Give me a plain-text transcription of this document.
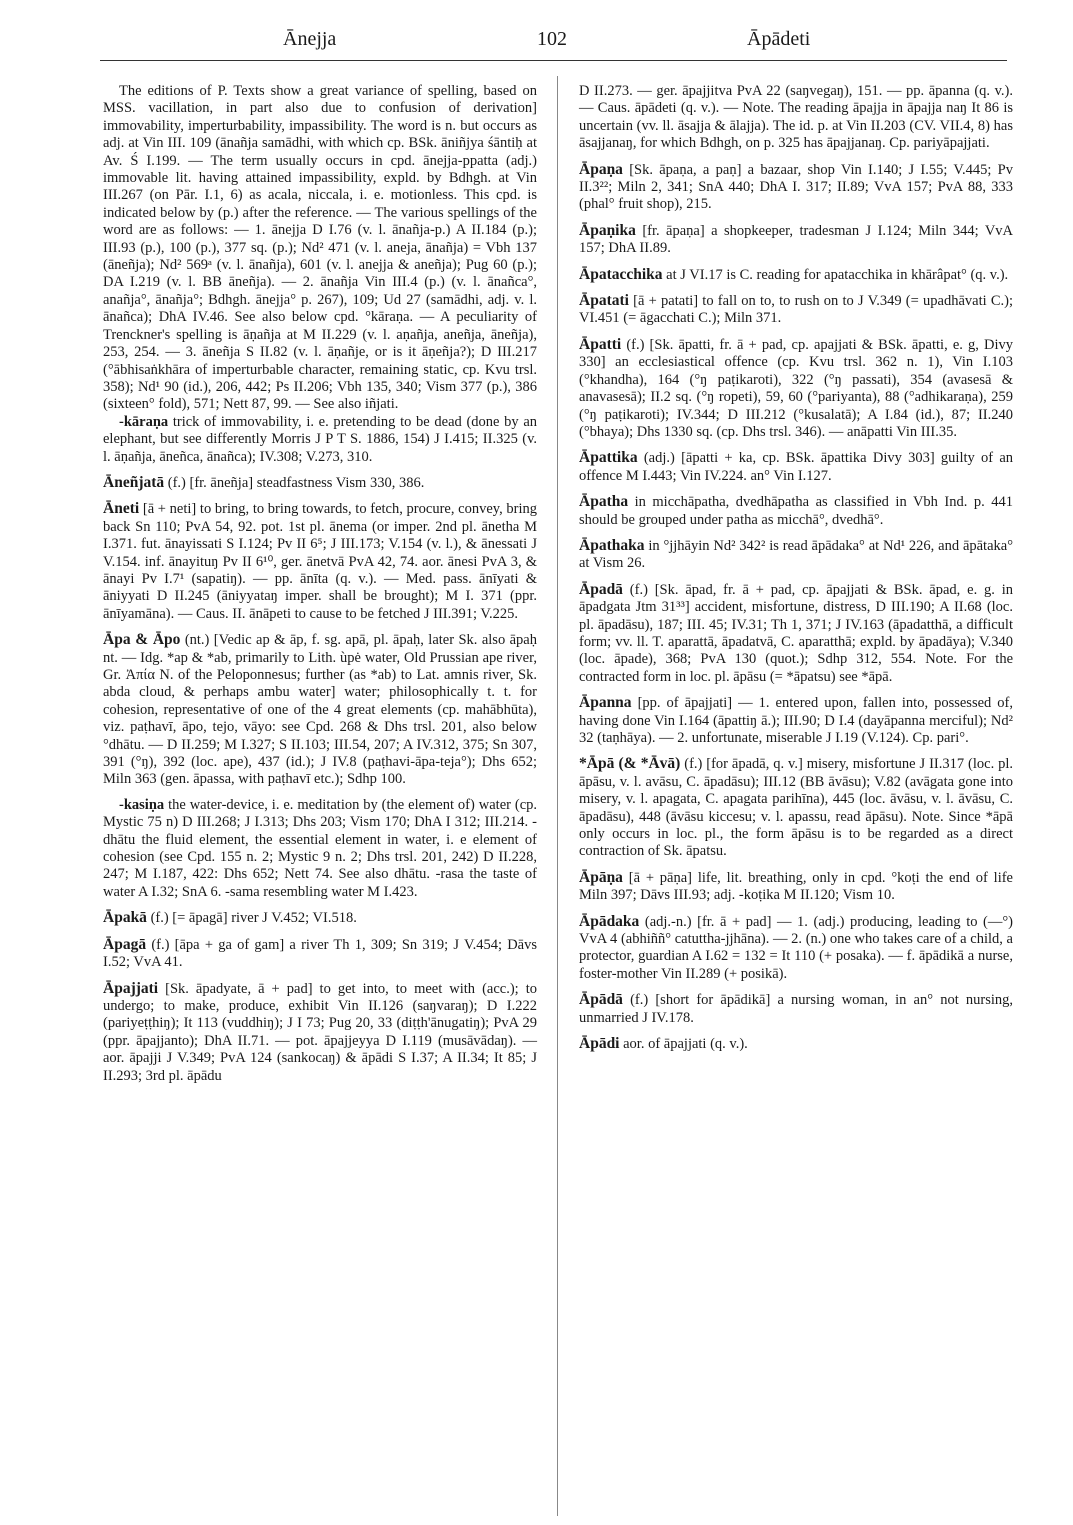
Ānejja	102	Āpādeti

The editions of P. Texts show a great variance of spelling, based on MSS. vacillation, in part also due to confusion of derivation] immovability, imperturbability, impassibility. The word is n. but occurs as adj. at Vin III. 109 (ānañja samādhi, with which cp. BSk. āniñjya śāntiḥ at Av. Ś I.199. — The term usually occurs in cpd. ānejja-ppatta (adj.) immovable lit. having attained impassibility, expld. by Bdhgh. at Vin III.267 (on Pār. I.1, 6) as acala, niccala, i. e. motionless. This cpd. is indicated below by (p.) after the reference. — The various spellings of the word are as follows: — 1. ānejja D I.76 (v. l. ānañja-p.) A II.184 (p.); III.93 (p.), 100 (p.), 377 sq. (p.); Nd² 471 (v. l. aneja, ānañja) = Vbh 137 (āneñja); Nd² 569ᵃ (v. l. ānañja), 601 (v. l. anejja & aneñja); Pug 60 (p.); DA I.219 (v. l. BB āneñja). — 2. ānañja Vin III.4 (p.) (v. l. ānañca°, anañja°, ānañja°; Bdhgh. ānejja° p. 267), 109; Ud 27 (samādhi, adj. v. l. ānañca); DhA IV.46. See also below cpd. °kāraṇa. — A peculiarity of Trenckner's spelling is āṇañja at M II.229 (v. l. aṇañja, aneñja, āneñja), 253, 254. — 3. āneñja S II.82 (v. l. āṇañje, or is it āṇeñja?); D III.217 (°ābhisaṅkhāra of imperturbable character, remaining static, cp. Kvu trsl. 358); Nd¹ 90 (id.), 206, 442; Ps II.206; Vbh 135, 340; Vism 377 (p.), 386 (sixteen° fold), 571; Nett 87, 99. — See also iñjati.

-kāraṇa trick of immovability, i. e. pretending to be dead (done by an elephant, but see differently Morris J P T S. 1886, 154) J I.415; II.325 (v. l. āṇañja, āneñca, ānañca); IV.308; V.273, 310.

Āneñjatā (f.) [fr. āneñja] steadfastness Vism 330, 386.
Āneti [ā + neti] to bring, to bring towards, to fetch, procure, convey, bring back Sn 110; PvA 54, 92. pot. 1st pl. ānema (or imper. 2nd pl. ānetha M I.371. fut. ānayissati S I.124; Pv II 6⁵; J III.173; V.154 (v. l.), & ānessati J V.154. inf. ānayituŋ Pv II 6¹⁰, ger. ānetvā PvA 42, 74. aor. ānesi PvA 3, & ānayi Pv I.7¹ (sapatiŋ). — pp. ānīta (q. v.). — Med. pass. ānīyati & āniyyati D II.245 (āniyyataŋ imper. shall be brought); M I. 371 (ppr. ānīyamāna). — Caus. II. ānāpeti to cause to be fetched J III.391; V.225.
Āpa & Āpo (nt.) [Vedic ap & āp, f. sg. apā, pl. āpaḥ, later Sk. also āpaḥ nt. — Idg. *ap & *ab, primarily to Lith. ùpė water, Old Prussian ape river, Gr. Ἀπία N. of the Peloponnesus; further (as *ab) to Lat. amnis river, Sk. abda cloud, & perhaps ambu water] water; philosophically t. t. for cohesion, representative of one of the 4 great elements (cp. mahābhūta), viz. paṭhavī, āpo, tejo, vāyo: see Cpd. 268 & Dhs trsl. 201, also below °dhātu. — D II.259; M I.327; S II.103; III.54, 207; A IV.312, 375; Sn 307, 391 (°ŋ), 392 (loc. ape), 437 (id.); J IV.8 (paṭhavi-āpa-teja°); Dhs 652; Miln 363 (gen. āpassa, with paṭhavī etc.); Sdhp 100.

-kasiṇa the water-device, i. e. meditation by (the element of) water (cp. Mystic 75 n) D III.268; J I.313; Dhs 203; Vism 170; DhA I 312; III.214. -dhātu the fluid element, the essential element in water, i. e element of cohesion (see Cpd. 155 n. 2; Mystic 9 n. 2; Dhs trsl. 201, 242) D II.228, 247; M I.187, 422: Dhs 652; Nett 74. See also dhātu. -rasa the taste of water A I.32; SnA 6. -sama resembling water M I.423.

Āpakā (f.) [= āpagā] river J V.452; VI.518.
Āpagā (f.) [āpa + ga of gam] a river Th 1, 309; Sn 319; J V.454; Dāvs I.52; VvA 41.
Āpajjati [Sk. āpadyate, ā + pad] to get into, to meet with (acc.); to undergo; to make, produce, exhibit Vin II.126 (saŋvaraŋ); D I.222 (pariyeṭṭhiŋ); It 113 (vuddhiŋ); J I 73; Pug 20, 33 (diṭṭh'ānugatiŋ); PvA 29 (ppr. āpajjanto); DhA II.71. — pot. āpajjeyya D I.119 (musāvādaŋ). — aor. āpajji J V.349; PvA 124 (sankocaŋ) & āpādi S I.37; A II.34; It 85; J II.293; 3rd pl. āpādu

D II.273. — ger. āpajjitva PvA 22 (saŋvegaŋ), 151. — pp. āpanna (q. v.). — Caus. āpādeti (q. v.). — Note. The reading āpajja in āpajja naŋ It 86 is uncertain (vv. ll. āsajja & ālajja). The id. p. at Vin II.203 (CV. VII.4, 8) has āsajjanaŋ, for which Bdhgh, on p. 325 has āpajjanaŋ. Cp. pariyāpajjati.

Āpaṇa [Sk. āpaṇa, a paṇ] a bazaar, shop Vin I.140; J I.55; V.445; Pv II.3²²; Miln 2, 341; SnA 440; DhA I. 317; II.89; VvA 157; PvA 88, 333 (phal° fruit shop), 215.
Āpaṇika [fr. āpaṇa] a shopkeeper, tradesman J I.124; Miln 344; VvA 157; DhA II.89.
Āpatacchika at J VI.17 is C. reading for apatacchika in khārâpat° (q. v.).
Āpatati [ā + patati] to fall on to, to rush on to J V.349 (= upadhāvati C.); VI.451 (= āgacchati C.); Miln 371.
Āpatti (f.) [Sk. āpatti, fr. ā + pad, cp. apajjati & BSk. āpatti, e. g, Divy 330] an ecclesiastical offence (cp. Kvu trsl. 362 n. 1), Vin I.103 (°khandha), 164 (°ŋ paṭikaroti), 322 (°ŋ passati), 354 (avasesā & anavasesā); II.2 sq. (°ŋ ropeti), 59, 60 (°pariyanta), 88 (°adhikaraṇa), 259 (°ŋ paṭikaroti); IV.344; D III.212 (°kusalatā); A I.84 (id.), 87; II.240 (°bhaya); Dhs 1330 sq. (cp. Dhs trsl. 346). — anāpatti Vin III.35.
Āpattika (adj.) [āpatti + ka, cp. BSk. āpattika Divy 303] guilty of an offence M I.443; Vin IV.224. an° Vin I.127.
Āpatha in micchāpatha, dvedhāpatha as classified in Vbh Ind. p. 441 should be grouped under patha as micchā°, dvedhā°.
Āpathaka in °jjhāyin Nd² 342² is read āpādaka° at Nd¹ 226, and āpātaka° at Vism 26.
Āpadā (f.) [Sk. āpad, fr. ā + pad, cp. āpajjati & BSk. āpad, e. g. in āpadgata Jtm 31³³] accident, misfortune, distress, D III.190; A II.68 (loc. pl. āpadāsu), 187; III. 45; IV.31; Th 1, 371; J IV.163 (āpadatthā, a difficult form; vv. ll. T. aparattā, āpadatvā, C. aparatthā; expld. by āpadāya); V.340 (loc. āpade), 368; PvA 130 (quot.); Sdhp 312, 554. Note. For the contracted form in loc. pl. āpāsu (= *āpatsu) see *āpā.
Āpanna [pp. of āpajjati] — 1. entered upon, fallen into, possessed of, having done Vin I.164 (āpattiŋ ā.); III.90; D I.4 (dayāpanna merciful); Nd² 32 (taṇhāya). — 2. unfortunate, miserable J I.19 (V.124). Cp. pari°.
*Āpā (& *Āvā) (f.) [for āpadā, q. v.] misery, misfortune J II.317 (loc. pl. āpāsu, v. l. avāsu, C. āpadāsu); III.12 (BB āvāsu); V.82 (avāgata gone into misery, v. l. apagata, C. apagata parihīna), 445 (loc. āvāsu, v. l. āvāsu, C. āpadāsu), 448 (āvāsu kiccesu; v. l. apassu, read āpāsu). Note. Since *āpā only occurs in loc. pl., the form āpāsu is to be regarded as a direct contraction of Sk. āpatsu.
Āpāṇa [ā + pāṇa] life, lit. breathing, only in cpd. °koṭi the end of life Miln 397; Dāvs III.93; adj. -koṭika M II.120; Vism 10.
Āpādaka (adj.-n.) [fr. ā + pad] — 1. (adj.) producing, leading to (—°) VvA 4 (abhiññ° catuttha-jjhāna). — 2. (n.) one who takes care of a child, a protector, guardian A I.62 = 132 = It 110 (+ posaka). — f. āpādikā a nurse, foster-mother Vin II.289 (+ posikā).
Āpādā (f.) [short for āpādikā] a nursing woman, in an° not nursing, unmarried J IV.178.
Āpādi aor. of āpajjati (q. v.).
